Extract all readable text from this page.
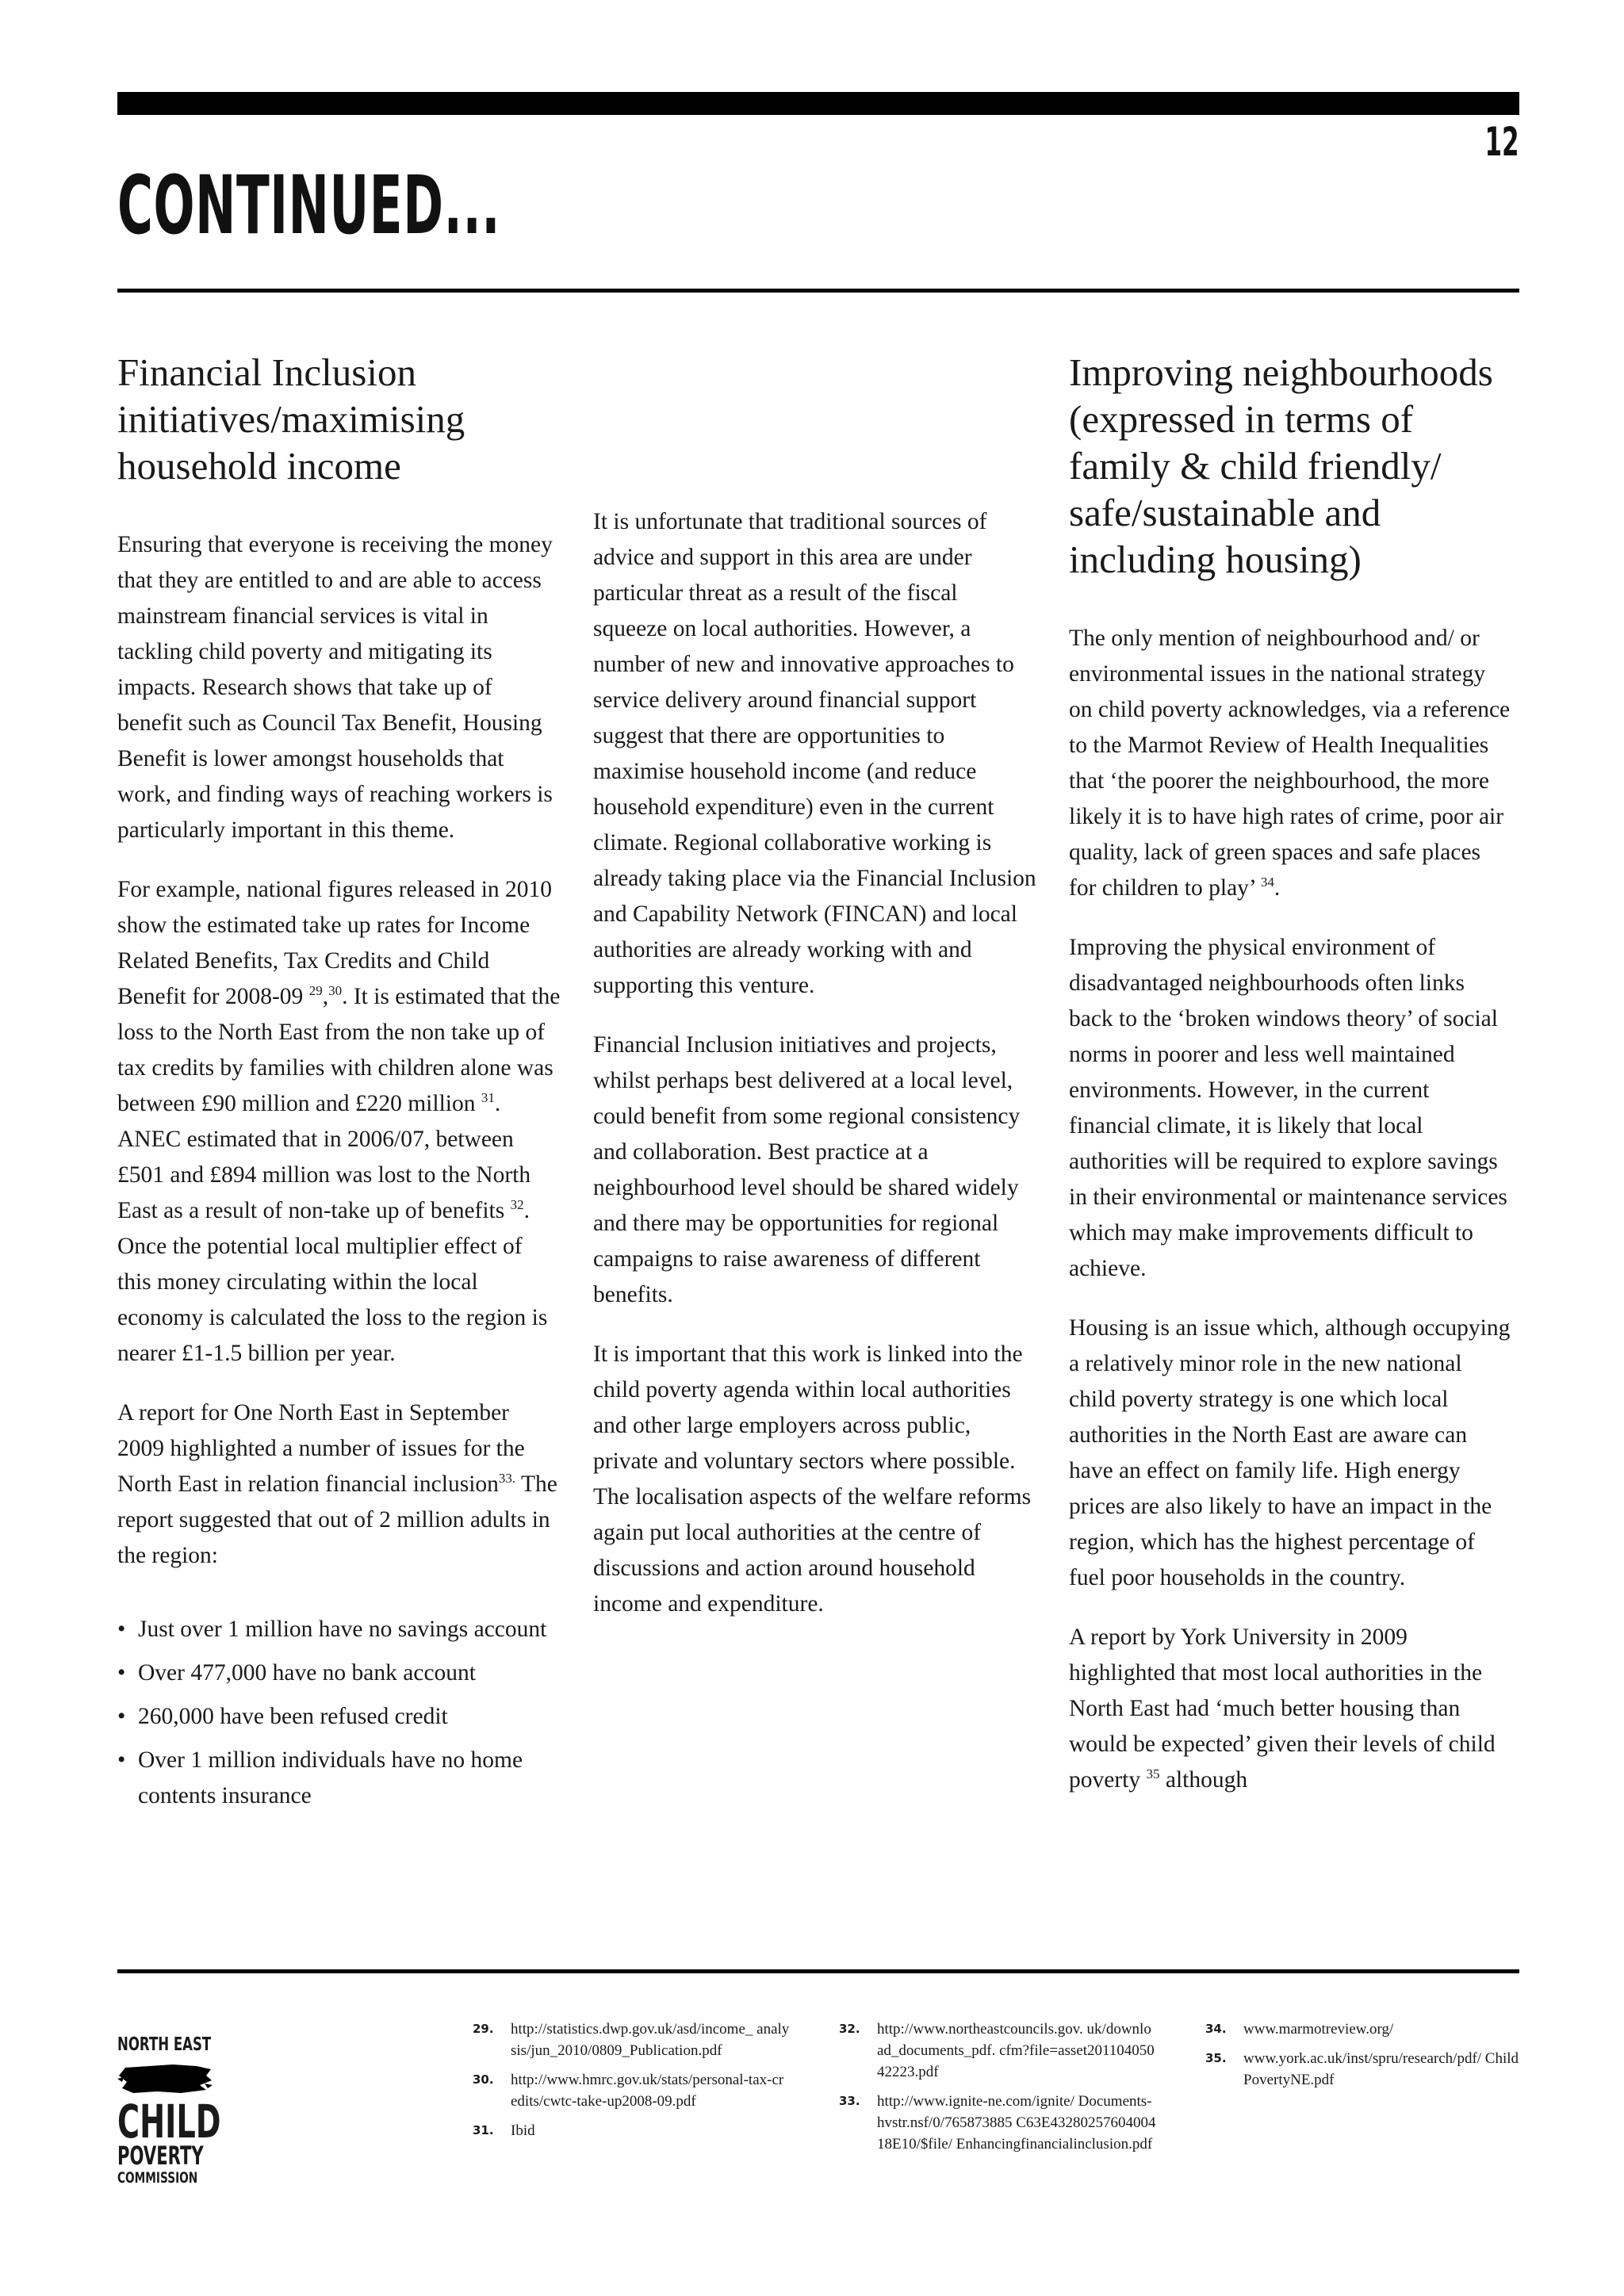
12
CONTINUED...
Financial Inclusion initiatives/maximising household income

Ensuring that everyone is receiving the money that they are entitled to and are able to access mainstream financial services is vital in tackling child poverty and mitigating its impacts. Research shows that take up of benefit such as Council Tax Benefit, Housing Benefit is lower amongst households that work, and finding ways of reaching workers is particularly important in this theme.

For example, national figures released in 2010 show the estimated take up rates for Income Related Benefits, Tax Credits and Child Benefit for 2008-09 $^{29}$,$^{30}$. It is estimated that the loss to the North East from the non take up of tax credits by families with children alone was between £90 million and £220 million $^{31}$. ANEC estimated that in 2006/07, between £501 and £894 million was lost to the North East as a result of non-take up of benefits $^{32}$. Once the potential local multiplier effect of this money circulating within the local economy is calculated the loss to the region is nearer £1-1.5 billion per year.

A report for One North East in September 2009 highlighted a number of issues for the North East in relation financial inclusion$^{33.}$ The report suggested that out of 2 million adults in the region:

• Just over 1 million have no savings account
• Over 477,000 have no bank account
• 260,000 have been refused credit
• Over 1 million individuals have no home contents insurance

It is unfortunate that traditional sources of advice and support in this area are under particular threat as a result of the fiscal squeeze on local authorities. However, a number of new and innovative approaches to service delivery around financial support suggest that there are opportunities to maximise household income (and reduce household expenditure) even in the current climate. Regional collaborative working is already taking place via the Financial Inclusion and Capability Network (FINCAN) and local authorities are already working with and supporting this venture.

Financial Inclusion initiatives and projects, whilst perhaps best delivered at a local level, could benefit from some regional consistency and collaboration. Best practice at a neighbourhood level should be shared widely and there may be opportunities for regional campaigns to raise awareness of different benefits.

It is important that this work is linked into the child poverty agenda within local authorities and other large employers across public, private and voluntary sectors where possible. The localisation aspects of the welfare reforms again put local authorities at the centre of discussions and action around household income and expenditure.

Improving neighbourhoods (expressed in terms of family & child friendly/ safe/sustainable and including housing)

The only mention of neighbourhood and/ or environmental issues in the national strategy on child poverty acknowledges, via a reference to the Marmot Review of Health Inequalities that ‘the poorer the neighbourhood, the more likely it is to have high rates of crime, poor air quality, lack of green spaces and safe places for children to play’ $^{34}$.

Improving the physical environment of disadvantaged neighbourhoods often links back to the ‘broken windows theory’ of social norms in poorer and less well maintained environments. However, in the current financial climate, it is likely that local authorities will be required to explore savings in their environmental or maintenance services which may make improvements difficult to achieve.

Housing is an issue which, although occupying a relatively minor role in the new national child poverty strategy is one which local authorities in the North East are aware can have an effect on family life. High energy prices are also likely to have an impact in the region, which has the highest percentage of fuel poor households in the country.

A report by York University in 2009 highlighted that most local authorities in the North East had ‘much better housing than would be expected’ given their levels of child poverty $^{35}$ although

NORTH EAST
CHILD
POVERTY
COMMISSION
29. http://statistics.dwp.gov.uk/asd/income_ analysis/jun_2010/0809_Publication.pdf
30. http://www.hmrc.gov.uk/stats/personal-tax-credits/cwtc-take-up2008-09.pdf
31. Ibid
32. http://www.northeastcouncils.gov. uk/download_documents_pdf. cfm?file=asset20110405042223.pdf
33. http://www.ignite-ne.com/ignite/ Documents-hvstr.nsf/0/765873885 C63E4328025760400418E10/$file/ Enhancingfinancialinclusion.pdf
34. www.marmotreview.org/
35. www.york.ac.uk/inst/spru/research/pdf/ ChildPovertyNE.pdf
